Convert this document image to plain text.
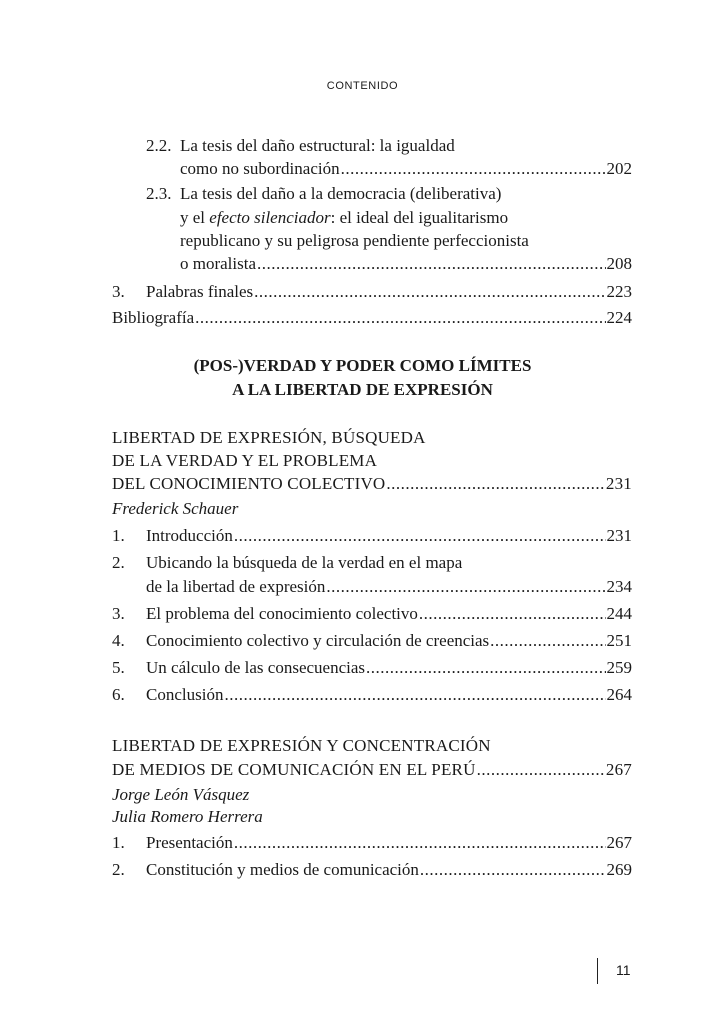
CONTENIDO
2.2. La tesis del daño estructural: la igualdad
como no subordinación .....	202
2.3. La tesis del daño a la democracia (deliberativa)
y el efecto silenciador: el ideal del igualitarismo
republicano y su peligrosa pendiente perfeccionista
o moralista .....	208
3.	Palabras finales .....	223
Bibliografía .....	224
(POS-)VERDAD Y PODER COMO LÍMITES
A LA LIBERTAD DE EXPRESIÓN
LIBERTAD DE EXPRESIÓN, BÚSQUEDA
DE LA VERDAD Y EL PROBLEMA
DEL CONOCIMIENTO COLECTIVO .....	231
Frederick Schauer
1.	Introducción .....	231
2. Ubicando la búsqueda de la verdad en el mapa
de la libertad de expresión .....	234
3.	El problema del conocimiento colectivo .....	244
4.	Conocimiento colectivo y circulación de creencias .....	251
5.	Un cálculo de las consecuencias .....	259
6.	Conclusión .....	264
LIBERTAD DE EXPRESIÓN Y CONCENTRACIÓN
DE MEDIOS DE COMUNICACIÓN EN EL PERÚ .....	267
Jorge León Vásquez
Julia Romero Herrera
1.	Presentación .....	267
2.	Constitución y medios de comunicación .....	269
11
